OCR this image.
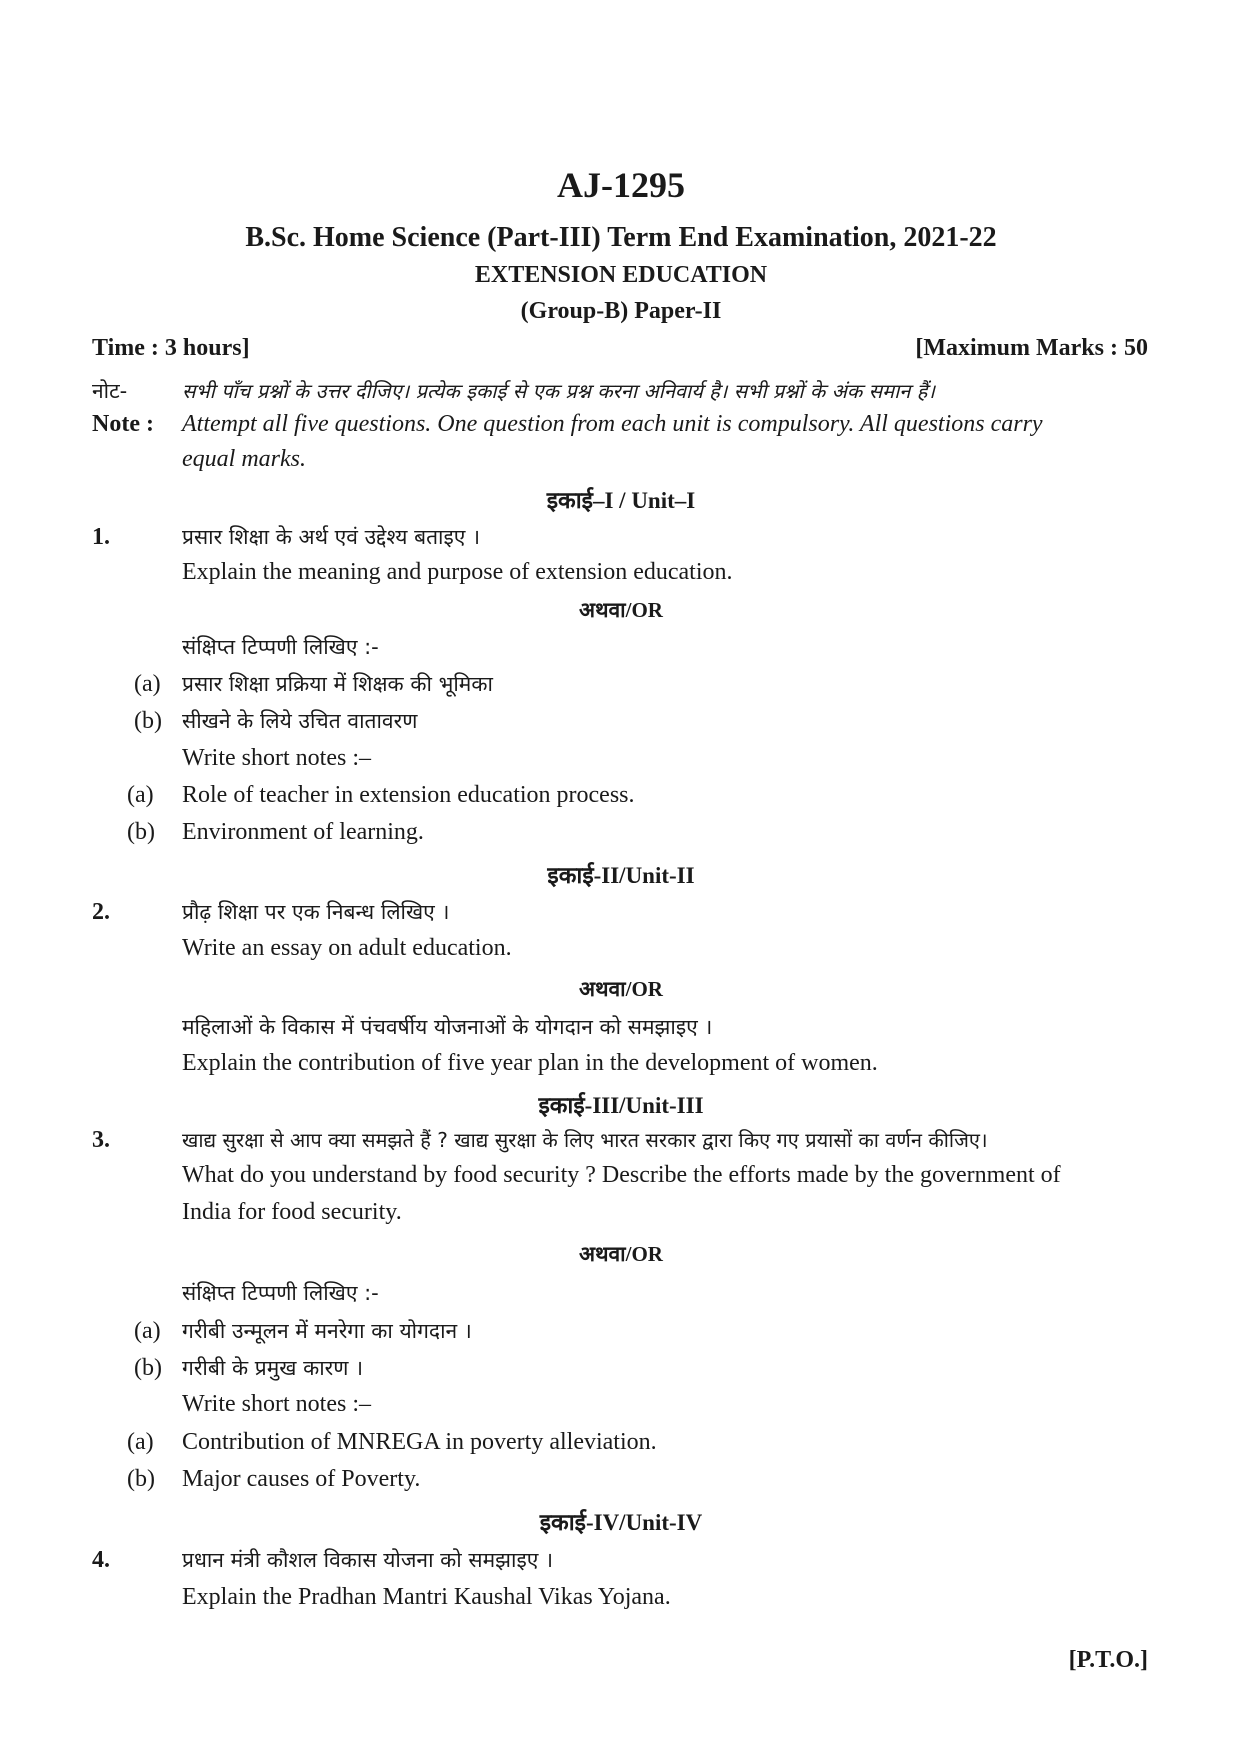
AJ-1295
B.Sc. Home Science (Part-III) Term End Examination, 2021-22
EXTENSION EDUCATION
(Group-B) Paper-II
Time : 3 hours]	[Maximum Marks : 50
नोट-	सभी पाँच प्रश्नों के उत्तर दीजिए। प्रत्येक इकाई से एक प्रश्न करना अनिवार्य है। सभी प्रश्नों के अंक समान हैं।
Note : Attempt all five questions. One question from each unit is compulsory. All questions carry
equal marks.
इकाई–I / Unit–I
1.	प्रसार शिक्षा के अर्थ एवं उद्देश्य बताइए ।
Explain the meaning and purpose of extension education.
अथवा/OR
संक्षिप्त टिप्पणी लिखिए :-
(a) प्रसार शिक्षा प्रक्रिया में शिक्षक की भूमिका
(b) सीखने के लिये उचित वातावरण
Write short notes :–
(a) Role of teacher in extension education process.
(b) Environment of learning.
इकाई-II/Unit-II
2.	प्रौढ़ शिक्षा पर एक निबन्ध लिखिए ।
Write an essay on adult education.
अथवा/OR
महिलाओं के विकास में पंचवर्षीय योजनाओं के योगदान को समझाइए ।
Explain the contribution of five year plan in the development of women.
इकाई-III/Unit-III
3.	खाद्य सुरक्षा से आप क्या समझते हैं ? खाद्य सुरक्षा के लिए भारत सरकार द्वारा किए गए प्रयासों का वर्णन कीजिए।
What do you understand by food security ? Describe the efforts made by the government of
India for food security.
अथवा/OR
संक्षिप्त टिप्पणी लिखिए :-
(a) गरीबी उन्मूलन में मनरेगा का योगदान ।
(b) गरीबी के प्रमुख कारण ।
Write short notes :–
(a) Contribution of MNREGA in poverty alleviation.
(b) Major causes of Poverty.
इकाई-IV/Unit-IV
4.	प्रधान मंत्री कौशल विकास योजना को समझाइए ।
Explain the Pradhan Mantri Kaushal Vikas Yojana.
[P.T.O.]
